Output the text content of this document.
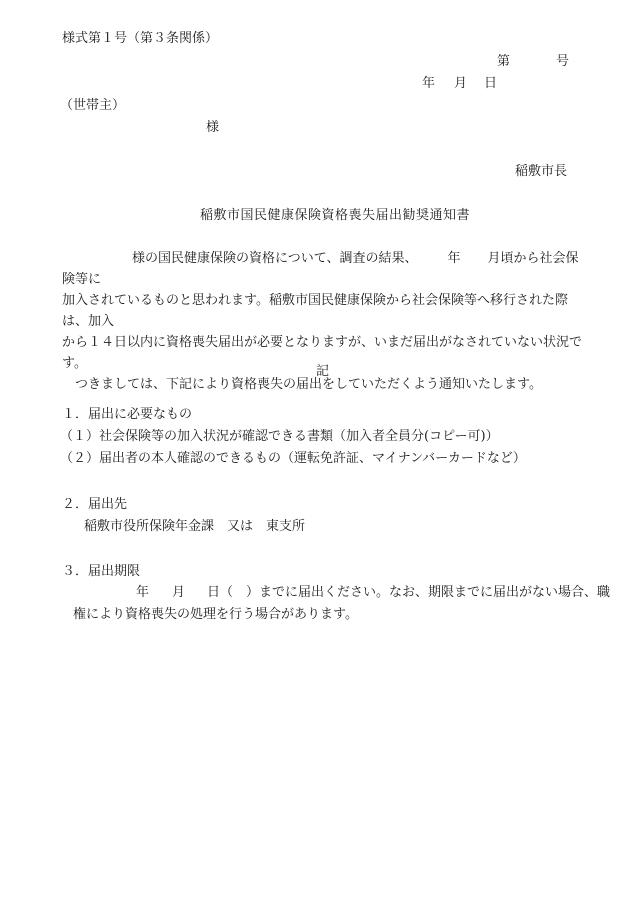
様式第１号（第３条関係）
第	号
年 月 日
（世帯主）
様
稲敷市長
稲敷市国民健康保険資格喪失届出勧奨通知書

様の国民健康保険の資格について、調査の結果、 年 月頃から社会保険等に

加入されているものと思われます。稲敷市国民健康保険から社会保険等へ移行された際は、加入

から１４日以内に資格喪失届出が必要となりますが、いまだ届出がなされていない状況です。

つきましては、下記により資格喪失の届出をしていただくよう通知いたします。

記
１．届出に必要なもの
（１）社会保険等の加入状況が確認できる書類（加入者全員分(コピー可)）
（２）届出者の本人確認のできるもの（運転免許証、マイナンバーカードなど）
２．届出先
稲敷市役所保険年金課　又は　東支所
３．届出期限
年 月 日（　）までに届出ください。なお、期限までに届出がない場合、職
権により資格喪失の処理を行う場合があります。
